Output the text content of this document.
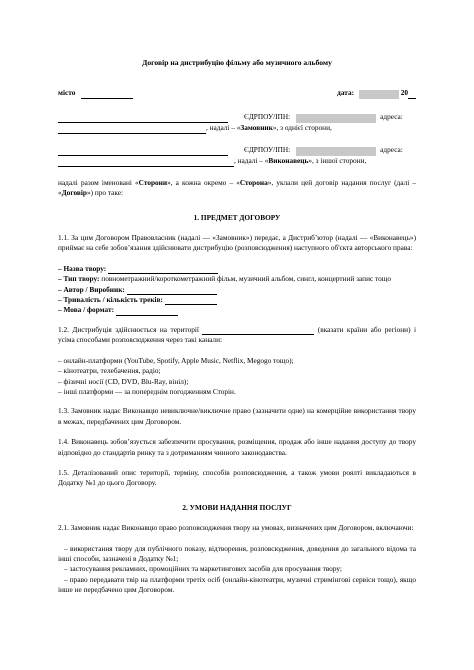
Договір на дистрибуцію фільму або музичного альбому
місто	дата:	20
ЄДРПОУ/ІПН:	адреса:
, надалі – « Замовник », з однієї сторони,
ЄДРПОУ/ІПН:	адреса:
, надалі – « Виконавець », з іншої сторони,

надалі разом іменовані «Сторони», а кожна окремо – «Сторона», уклали цей договір надання послуг (далі – «Договір») про таке:

1. ПРЕДМЕТ ДОГОВОРУ

1.1. За цим Договором Правовласник (надалі — «Замовник») передає, а Дистриб’ютор (надалі — «Виконавець») приймає на себе зобов’язання здійснювати дистрибуцію (розповсюдження) наступного об'єкта авторського права:

– Назва твору:

– Тип твору: повнометражний/короткометражний фільм, музичний альбом, сингл, концертний запис тощо

– Автор / Виробник:

– Триваліcть / кількість треків:

– Мова / формат:

1.2. Дистрибуція здійснюється на території	(вказати країни або регіони) і усіма способами розповсюдження через такі канали:

– онлайн-платформи (YouTube, Spotify, Apple Music, Netflix, Megogo тощо);

– кінотеатри, телебачення, радіо;

– фізичні носії (CD, DVD, Blu-Ray, вініл);

– інші платформи — за попереднім погодженням Сторін.

1.3. Замовник надає Виконавцю невиключне/виключне право (зазначити одне) на комерційне використання твору в межах, передбачених цим Договором.

1.4. Виконавець зобов’язується забезпечити просування, розміщення, продаж або інше надання доступу до твору відповідно до стандартів ринку та з дотриманням чинного законодавства.

1.5. Деталізований опис території, терміну, способів розповсюдження, а також умови роялті викладаються в Додатку №1 до цього Договору.

2. УМОВИ НАДАННЯ ПОСЛУГ

2.1. Замовник надає Виконавцю право розповсюдження твору на умовах, визначених цим Договором, включаючи:

– використання твору для публічного показу, відтворення, розповсюдження, доведення до загального відома та інші способи, зазначені в Додатку №1;

– застосування рекламних, промоційних та маркетингових засобів для просування твору;

– право передавати твір на платформи третіх осіб (онлайн-кінотеатри, музичні стримінгові сервіси тощо), якщо інше не передбачено цим Договором.
